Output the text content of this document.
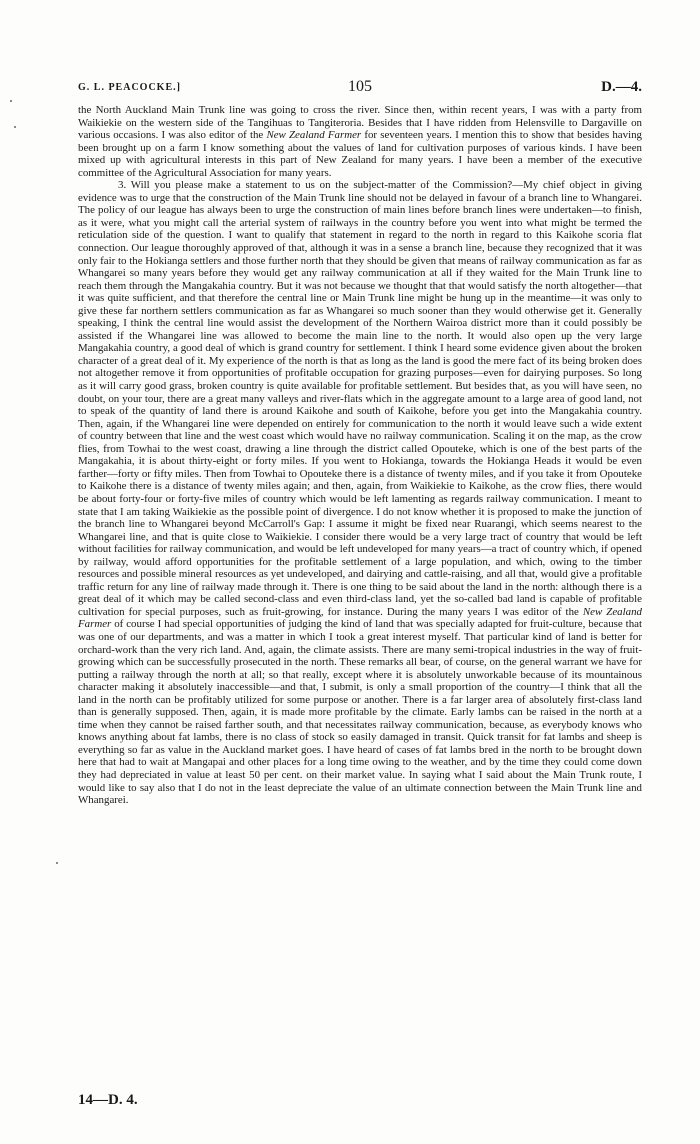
G. L. PEACOCKE.]	105	D.—4.

the North Auckland Main Trunk line was going to cross the river. Since then, within recent years, I was with a party from Waikiekie on the western side of the Tangihuas to Tangiteroria. Besides that I have ridden from Helensville to Dargaville on various occasions. I was also editor of the New Zealand Farmer for seventeen years. I mention this to show that besides having been brought up on a farm I know something about the values of land for cultivation purposes of various kinds. I have been mixed up with agricultural interests in this part of New Zealand for many years. I have been a member of the executive committee of the Agricultural Association for many years.

3. Will you please make a statement to us on the subject-matter of the Commission?—My chief object in giving evidence was to urge that the construction of the Main Trunk line should not be delayed in favour of a branch line to Whangarei. The policy of our league has always been to urge the construction of main lines before branch lines were undertaken—to finish, as it were, what you might call the arterial system of railways in the country before you went into what might be termed the reticulation side of the question. I want to qualify that statement in regard to the north in regard to this Kaikohe scoria flat connection. Our league thoroughly approved of that, although it was in a sense a branch line, because they recognized that it was only fair to the Hokianga settlers and those further north that they should be given that means of railway communication as far as Whangarei so many years before they would get any railway communication at all if they waited for the Main Trunk line to reach them through the Mangakahia country. But it was not because we thought that that would satisfy the north altogether—that it was quite sufficient, and that therefore the central line or Main Trunk line might be hung up in the meantime—it was only to give these far northern settlers communication as far as Whangarei so much sooner than they would otherwise get it. Generally speaking, I think the central line would assist the development of the Northern Wairoa district more than it could possibly be assisted if the Whangarei line was allowed to become the main line to the north. It would also open up the very large Mangakahia country, a good deal of which is grand country for settlement. I think I heard some evidence given about the broken character of a great deal of it. My experience of the north is that as long as the land is good the mere fact of its being broken does not altogether remove it from opportunities of profitable occupation for grazing purposes—even for dairying purposes. So long as it will carry good grass, broken country is quite available for profitable settlement. But besides that, as you will have seen, no doubt, on your tour, there are a great many valleys and river-flats which in the aggregate amount to a large area of good land, not to speak of the quantity of land there is around Kaikohe and south of Kaikohe, before you get into the Mangakahia country. Then, again, if the Whangarei line were depended on entirely for communication to the north it would leave such a wide extent of country between that line and the west coast which would have no railway communication. Scaling it on the map, as the crow flies, from Towhai to the west coast, drawing a line through the district called Opouteke, which is one of the best parts of the Mangakahia, it is about thirty-eight or forty miles. If you went to Hokianga, towards the Hokianga Heads it would be even farther—forty or fifty miles. Then from Towhai to Opouteke there is a distance of twenty miles, and if you take it from Opouteke to Kaikohe there is a distance of twenty miles again; and then, again, from Waikiekie to Kaikohe, as the crow flies, there would be about forty-four or forty-five miles of country which would be left lamenting as regards railway communication. I meant to state that I am taking Waikiekie as the possible point of divergence. I do not know whether it is proposed to make the junction of the branch line to Whangarei beyond McCarroll's Gap: I assume it might be fixed near Ruarangi, which seems nearest to the Whangarei line, and that is quite close to Waikiekie. I consider there would be a very large tract of country that would be left without facilities for railway communication, and would be left undeveloped for many years—a tract of country which, if opened by railway, would afford opportunities for the profitable settlement of a large population, and which, owing to the timber resources and possible mineral resources as yet undeveloped, and dairying and cattle-raising, and all that, would give a profitable traffic return for any line of railway made through it. There is one thing to be said about the land in the north: although there is a great deal of it which may be called second-class and even third-class land, yet the so-called bad land is capable of profitable cultivation for special purposes, such as fruit-growing, for instance. During the many years I was editor of the New Zealand Farmer of course I had special opportunities of judging the kind of land that was specially adapted for fruit-culture, because that was one of our departments, and was a matter in which I took a great interest myself. That particular kind of land is better for orchard-work than the very rich land. And, again, the climate assists. There are many semi-tropical industries in the way of fruit-growing which can be successfully prosecuted in the north. These remarks all bear, of course, on the general warrant we have for putting a railway through the north at all; so that really, except where it is absolutely unworkable because of its mountainous character making it absolutely inaccessible—and that, I submit, is only a small proportion of the country—I think that all the land in the north can be profitably utilized for some purpose or another. There is a far larger area of absolutely first-class land than is generally supposed. Then, again, it is made more profitable by the climate. Early lambs can be raised in the north at a time when they cannot be raised farther south, and that necessitates railway communication, because, as everybody knows who knows anything about fat lambs, there is no class of stock so easily damaged in transit. Quick transit for fat lambs and sheep is everything so far as value in the Auckland market goes. I have heard of cases of fat lambs bred in the north to be brought down here that had to wait at Mangapai and other places for a long time owing to the weather, and by the time they could come down they had depreciated in value at least 50 per cent. on their market value. In saying what I said about the Main Trunk route, I would like to say also that I do not in the least depreciate the value of an ultimate connection between the Main Trunk line and Whangarei.

14—D. 4.
